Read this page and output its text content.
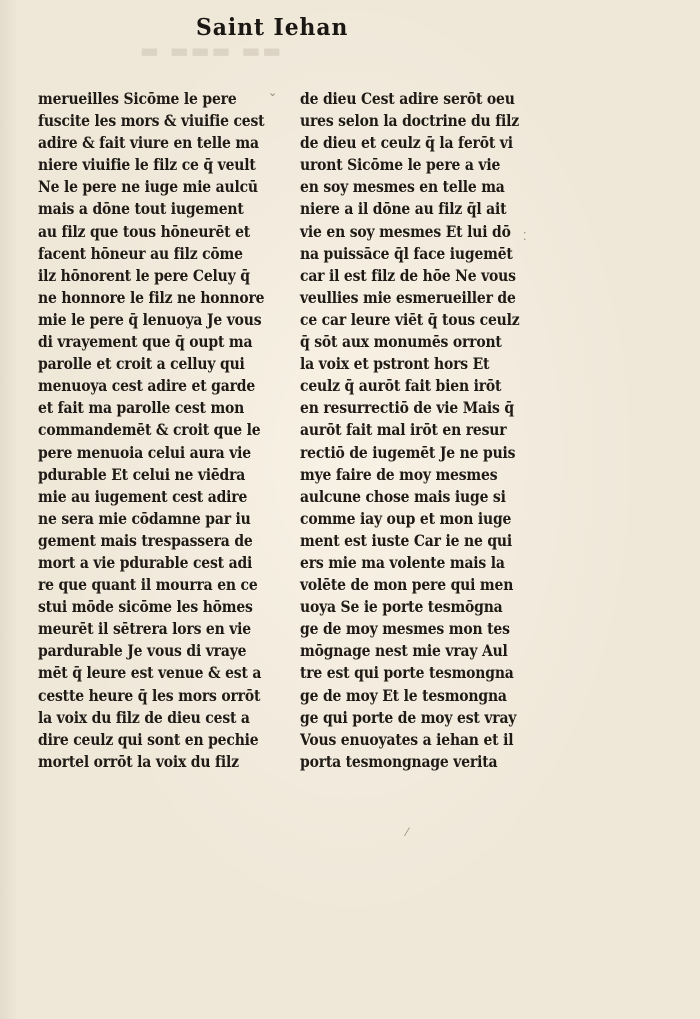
▬ ▬▬▬ ▬▬
Saint Iehan
merueilles Sicōme le pere
fuscite les mors & viuifie cest
adire & fait viure en telle ma
niere viuifie le filz ce q̄ veult
Ne le pere ne iuge mie aulcū
mais a dōne tout iugement
au filz que tous hōneurēt et
facent hōneur au filz cōme
ilz hōnorent le pere Celuy q̄
ne honnore le filz ne honnore
mie le pere q̄ lenuoya Je vous
di vrayement que q̄ oupt ma
parolle et croit a celluy qui
menuoya cest adire et garde
et fait ma parolle cest mon
commandemēt & croit que le
pere menuoia celui aura vie
pdurable Et celui ne viēdra
mie au iugement cest adire
ne sera mie cōdamne par iu
gement mais trespassera de
mort a vie pdurable cest adi
re que quant il mourra en ce
stui mōde sicōme les hōmes
meurēt il sētrera lors en vie
pardurable Je vous di vraye
mēt q̄ leure est venue & est a
cestte heure q̄ les mors orrōt
la voix du filz de dieu cest a
dire ceulz qui sont en pechie
mortel orrōt la voix du filz
de dieu Cest adire serōt oeu
ures selon la doctrine du filz
de dieu et ceulz q̄ la ferōt vi
uront Sicōme le pere a vie
en soy mesmes en telle ma
niere a il dōne au filz q̄l ait
vie en soy mesmes Et lui dō
na puissāce q̄l face iugemēt
car il est filz de hōe Ne vous
veullies mie esmerueiller de
ce car leure viēt q̄ tous ceulz
q̄ sōt aux monumēs orront
la voix et pstront hors Et
ceulz q̄ aurōt fait bien irōt
en resurrectiō de vie Mais q̄
aurōt fait mal irōt en resur
rectiō de iugemēt Je ne puis
mye faire de moy mesmes
aulcune chose mais iuge si
comme iay oup et mon iuge
ment est iuste Car ie ne qui
ers mie ma volente mais la
volēte de mon pere qui men
uoya Se ie porte tesmōgna
ge de moy mesmes mon tes
mōgnage nest mie vray Aul
tre est qui porte tesmongna
ge de moy Et le tesmongna
ge qui porte de moy est vray
Vous enuoyates a iehan et il
porta tesmongnage verita
⌄
⁚
⁄
